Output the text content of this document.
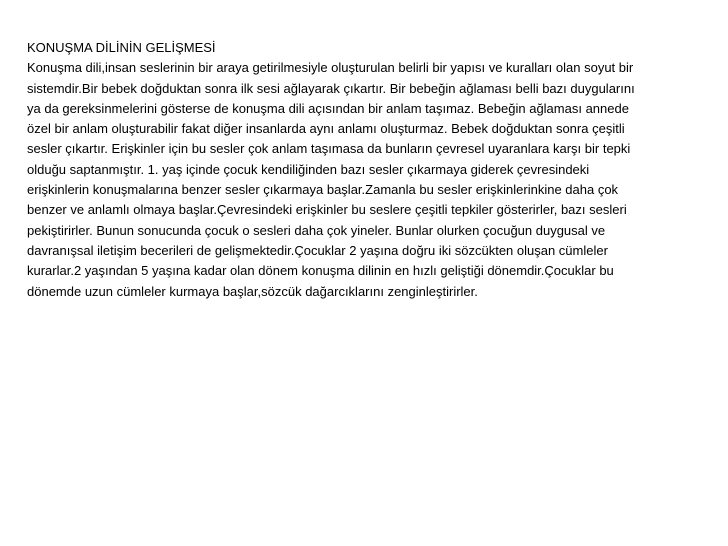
KONUŞMA DİLİNİN GELİŞMESİ
Konuşma dili,insan seslerinin bir araya getirilmesiyle oluşturulan belirli bir yapısı ve kuralları olan soyut bir
sistemdir.Bir bebek doğduktan sonra ilk sesi ağlayarak çıkartır. Bir bebeğin ağlaması belli bazı duygularını
ya da gereksinmelerini gösterse de konuşma dili açısından bir anlam taşımaz. Bebeğin ağlaması annede
özel bir anlam oluşturabilir fakat diğer insanlarda aynı anlamı oluşturmaz. Bebek doğduktan sonra çeşitli
sesler çıkartır. Erişkinler için bu sesler çok anlam taşımasa da bunların çevresel uyaranlara karşı bir tepki
olduğu saptanmıştır. 1. yaş içinde çocuk kendiliğinden bazı sesler çıkarmaya giderek çevresindeki
erişkinlerin konuşmalarına benzer sesler çıkarmaya başlar.Zamanla bu sesler erişkinlerinkine daha çok
benzer ve anlamlı olmaya başlar.Çevresindeki erişkinler bu seslere çeşitli tepkiler gösterirler, bazı sesleri
pekiştirirler. Bunun sonucunda çocuk o sesleri daha çok yineler. Bunlar olurken çocuğun duygusal ve
davranışsal iletişim becerileri de gelişmektedir.Çocuklar 2 yaşına doğru iki sözcükten oluşan cümleler
kurarlar.2 yaşından 5 yaşına kadar olan dönem konuşma dilinin en hızlı geliştiği dönemdir.Çocuklar bu
dönemde uzun cümleler kurmaya başlar,sözcük dağarcıklarını zenginleştirirler.
